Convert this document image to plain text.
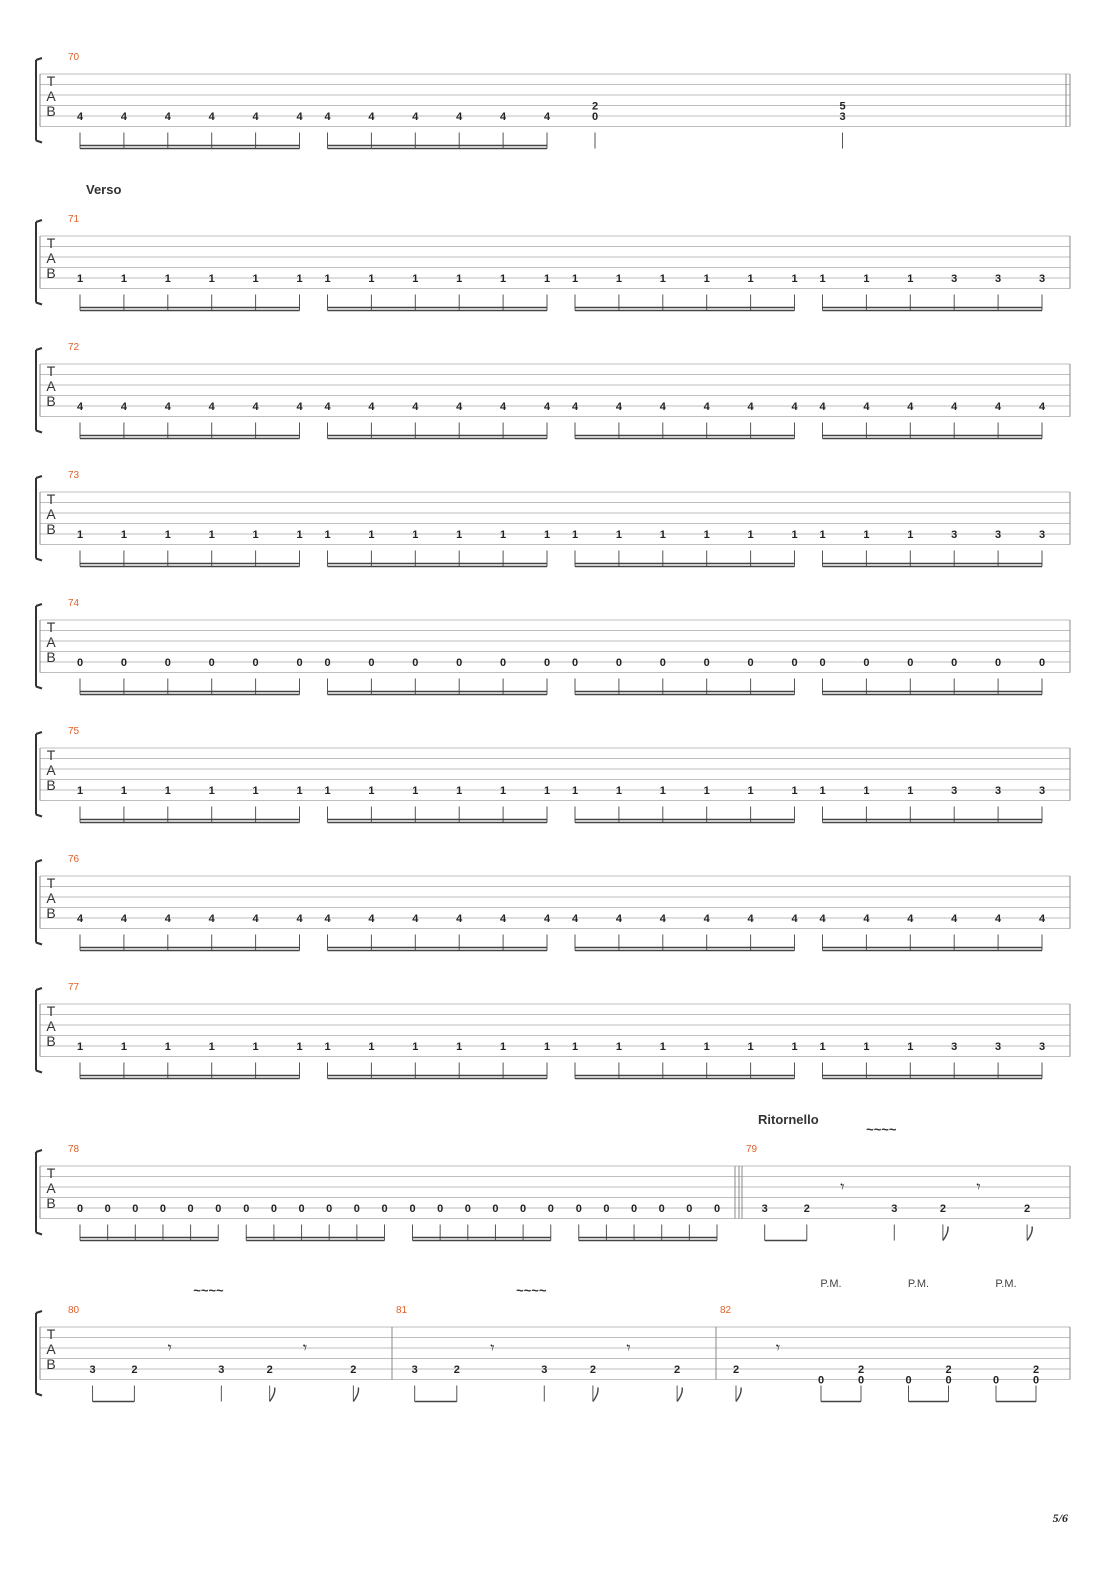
T
A
B
70
4	4	4	4	4	4 4	4	4	4	4	4
2
0
5
3
T
A
B
Verso
71
1	1	1	1	1	1 1	1	1	1	1	1 1	1	1	1	1	1 1	1	1	3	3	3
T
A
B
72
4	4	4	4	4	4 4	4	4	4	4	4 4	4	4	4	4	4 4	4	4	4	4	4
T
A
B
73
1	1	1	1	1	1 1	1	1	1	1	1 1	1	1	1	1	1 1	1	1	3	3	3
T
A
B
74
0	0	0	0	0	0 0	0	0	0	0	0 0	0	0	0	0	0 0	0	0	0	0	0
T
A
B
75
1	1	1	1	1	1 1	1	1	1	1	1 1	1	1	1	1	1 1	1	1	3	3	3
T
A
B
76
4	4	4	4	4	4 4	4	4	4	4	4 4	4	4	4	4	4 4	4	4	4	4	4
T
A
B
77
1	1	1	1	1	1 1	1	1	1	1	1 1	1	1	1	1	1 1	1	1	3	3	3
T
A
B
Ritornello
78
0 0 0 0 0 0 0 0 0 0 0 0 0 0 0 0 0 0 0 0 0 0 0 0
79
3	2	3	2	2
𝄾	𝄾
~~~~
T
A
B
80
3	2	3	2	2
𝄾	𝄾
~~~~
81
3	2	3	2	2
𝄾	𝄾
~~~~
82
2
𝄾
0	0
2
P.M.
0	0
2
P.M.
0	0
2
P.M.
5/6
